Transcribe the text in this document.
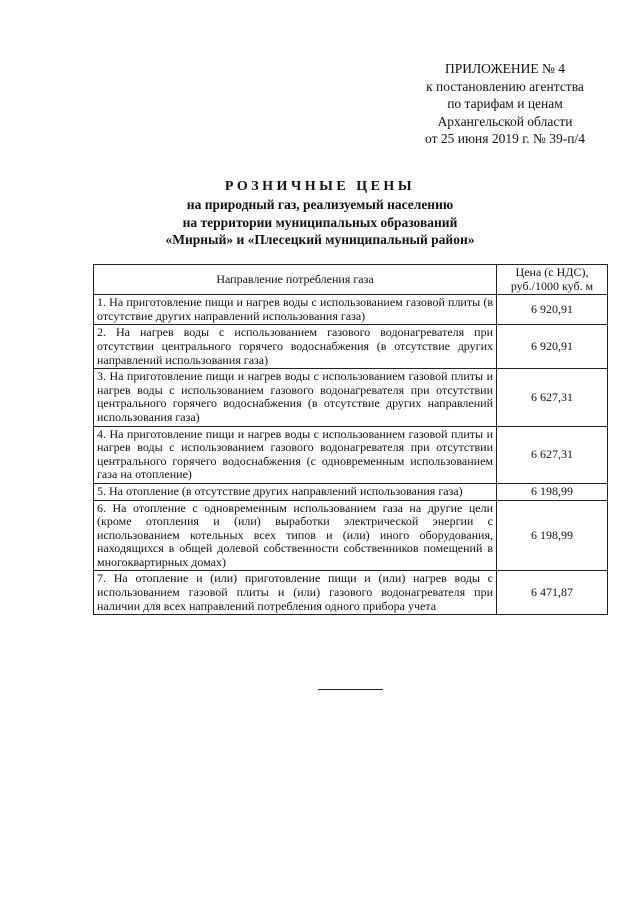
ПРИЛОЖЕНИЕ № 4
к постановлению агентства
по тарифам и ценам
Архангельской области
от 25 июня 2019 г. № 39-п/4
РОЗНИЧНЫЕ ЦЕНЫ
на природный газ, реализуемый населению
на территории муниципальных образований
«Мирный» и «Плесецкий муниципальный район»
Направление потребления газа	Цена (с НДС),
руб./1000 куб. м

1. На приготовление пищи и нагрев воды с использованием газовой плиты (в отсутствие других направлений использования газа)	6 920,91
2. На нагрев воды с использованием газового водонагревателя при отсутствии центрального горячего водоснабжения (в отсутствие других направлений использования газа)	6 920,91
3. На приготовление пищи и нагрев воды с использованием газовой плиты и нагрев воды с использованием газового водонагревателя при отсутствии центрального горячего водоснабжения (в отсутствие других направлений использования газа)	6 627,31
4. На приготовление пищи и нагрев воды с использованием газовой плиты и нагрев воды с использованием газового водонагревателя при отсутствии центрального горячего водоснабжения (с одновременным использованием газа на отопление)	6 627,31
5. На отопление (в отсутствие других направлений использования газа)	6 198,99
6. На отопление с одновременным использованием газа на другие цели (кроме отопления и (или) выработки электрической энергии с использованием котельных всех типов и (или) иного оборудования, находящихся в общей долевой собственности собственников помещений в многоквартирных домах)	6 198,99
7. На отопление и (или) приготовление пищи и (или) нагрев воды с использованием газовой плиты и (или) газового водонагревателя при наличии для всех направлений потребления одного прибора учета	6 471,87
